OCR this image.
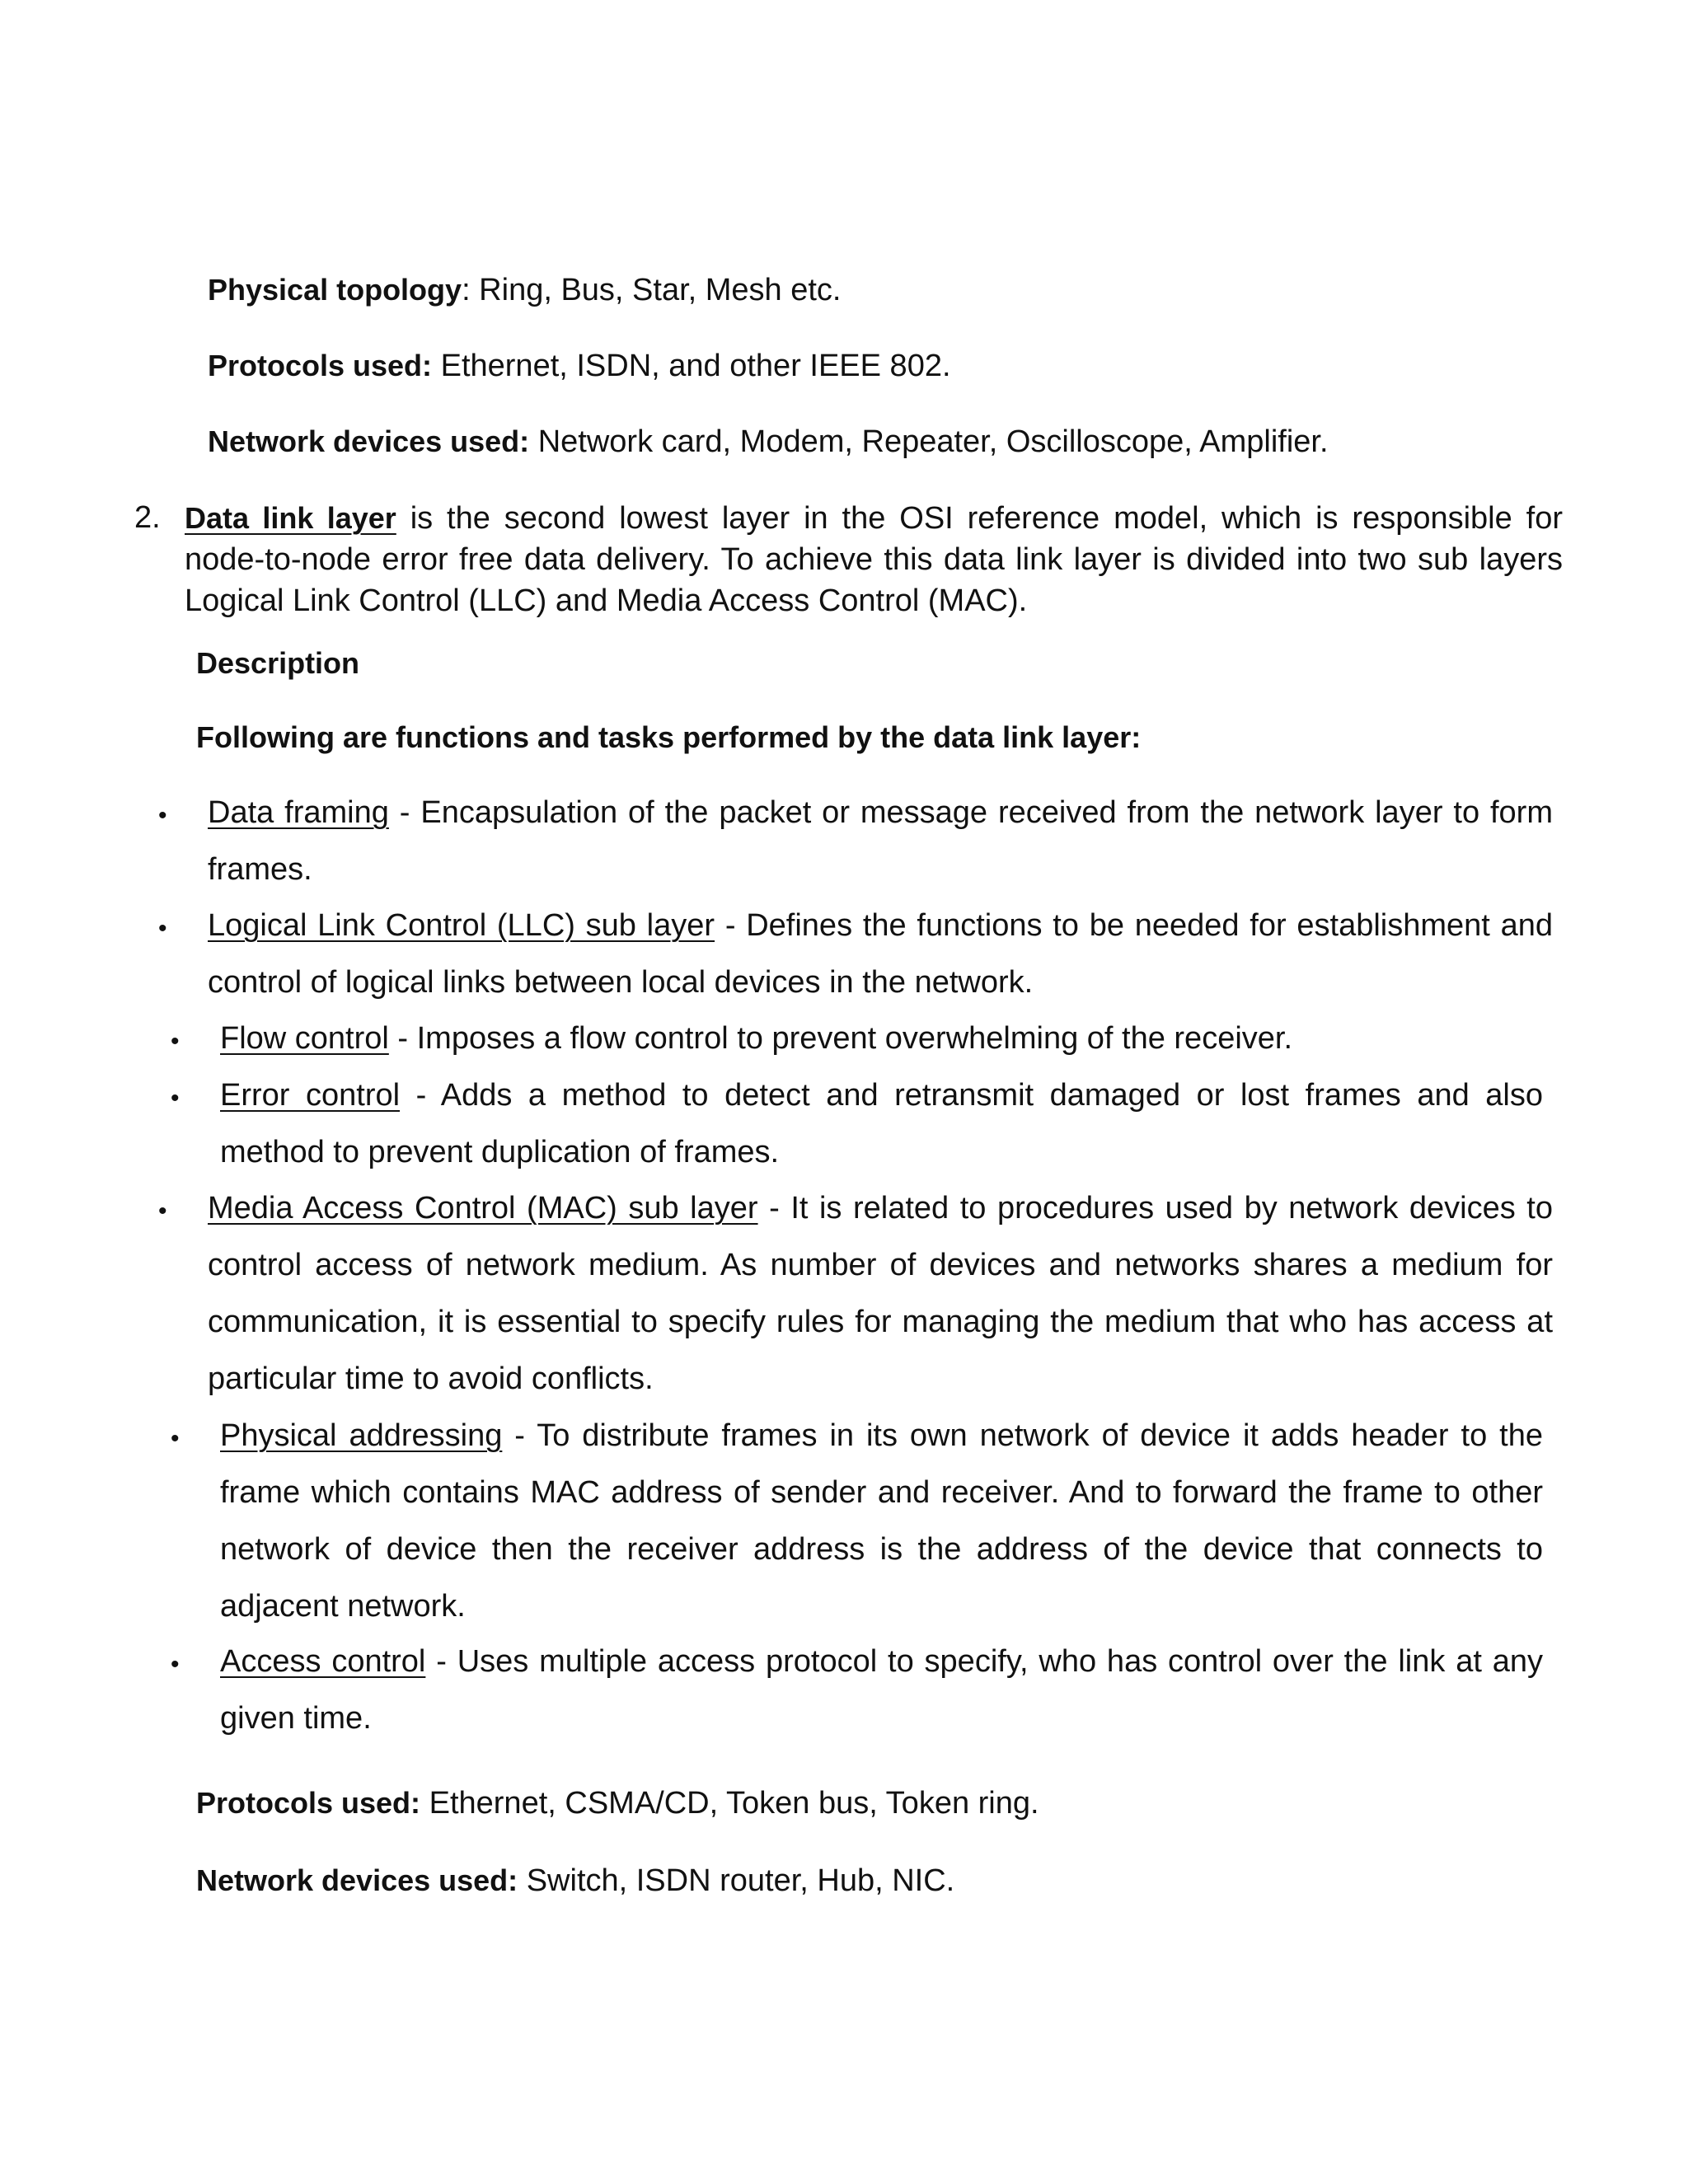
Physical topology: Ring, Bus, Star, Mesh etc.
Protocols used: Ethernet, ISDN, and other IEEE 802.
Network devices used: Network card, Modem, Repeater, Oscilloscope, Amplifier.
2. Data link layer is the second lowest layer in the OSI reference model, which is responsible for node-to-node error free data delivery. To achieve this data link layer is divided into two sub layers Logical Link Control (LLC) and Media Access Control (MAC).
Description
Following are functions and tasks performed by the data link layer:
• Data framing - Encapsulation of the packet or message received from the network layer to form frames.
• Logical Link Control (LLC) sub layer - Defines the functions to be needed for establishment and control of logical links between local devices in the network.
• Flow control - Imposes a flow control to prevent overwhelming of the receiver.
• Error control - Adds a method to detect and retransmit damaged or lost frames and also method to prevent duplication of frames.
• Media Access Control (MAC) sub layer - It is related to procedures used by network devices to control access of network medium. As number of devices and networks shares a medium for communication, it is essential to specify rules for managing the medium that who has access at particular time to avoid conflicts.
• Physical addressing - To distribute frames in its own network of device it adds header to the frame which contains MAC address of sender and receiver. And to forward the frame to other network of device then the receiver address is the address of the device that connects to adjacent network.
• Access control - Uses multiple access protocol to specify, who has control over the link at any given time.
Protocols used: Ethernet, CSMA/CD, Token bus, Token ring.
Network devices used: Switch, ISDN router, Hub, NIC.
